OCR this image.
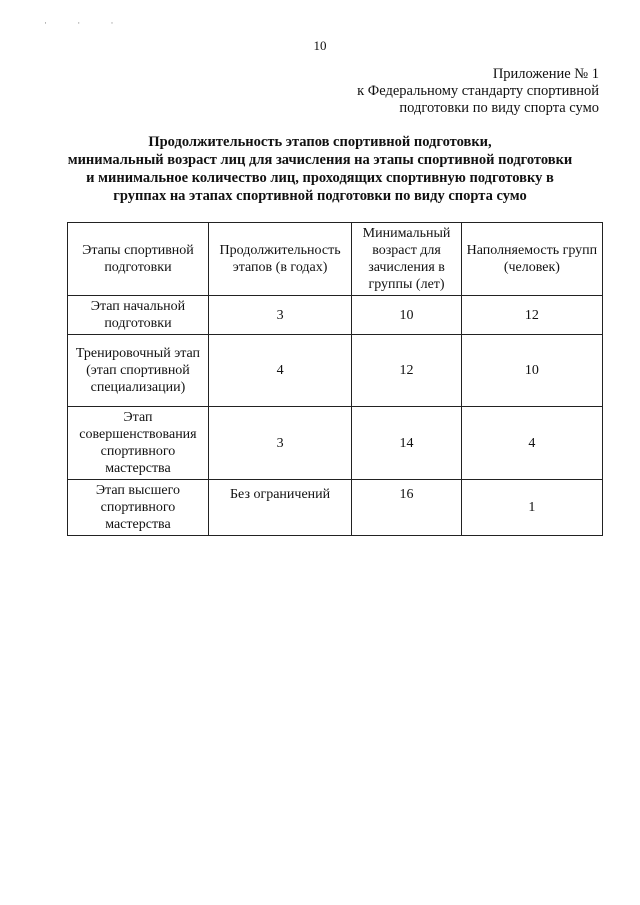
· · ·
10
Приложение № 1
к Федеральному стандарту спортивной
подготовки по виду спорта сумо
Продолжительность этапов спортивной подготовки,
минимальный возраст лиц для зачисления на этапы спортивной подготовки
и минимальное количество лиц, проходящих спортивную подготовку в
группах на этапах спортивной подготовки по виду спорта сумо
Этапы спортивной подготовки	Продолжительность этапов (в годах)	Минимальный возраст для зачисления в группы (лет)	Наполняемость групп (человек)
Этап начальной подготовки	3	10	12
Тренировочный этап (этап спортивной специализации)	4	12	10
Этап совершенствования спортивного мастерства	3	14	4
Этап высшего спортивного мастерства	Без ограничений	16	1
